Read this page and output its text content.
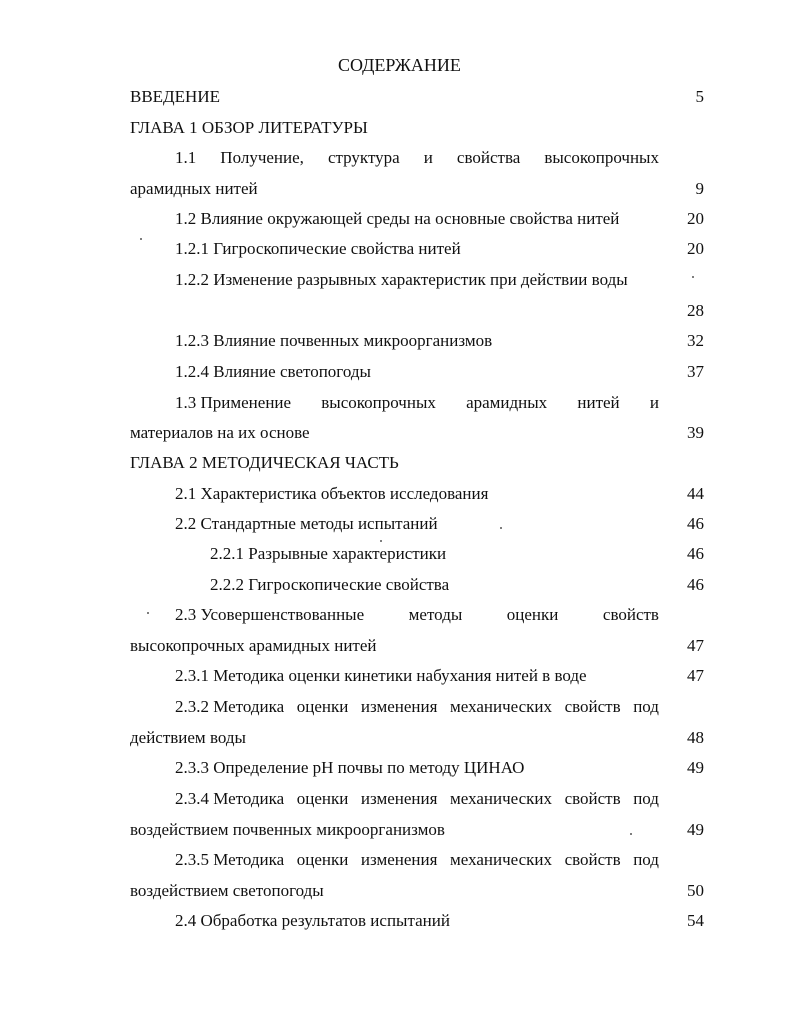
СОДЕРЖАНИЕ
ВВЕДЕНИЕ	5
ГЛАВА 1 ОБЗОР ЛИТЕРАТУРЫ
1.1 Получение, структура и свойства высокопрочных
арамидных нитей	9
1.2 Влияние окружающей среды на основные свойства нитей	20
1.2.1 Гигроскопические свойства нитей	20
1.2.2 Изменение разрывных характеристик при действии воды
28
1.2.3 Влияние почвенных микроорганизмов	32
1.2.4 Влияние светопогоды	37
1.3 Применение высокопрочных арамидных нитей и
материалов на их основе	39
ГЛАВА 2 МЕТОДИЧЕСКАЯ ЧАСТЬ
2.1 Характеристика объектов исследования	44
2.2 Стандартные методы испытаний	46
2.2.1 Разрывные характеристики	46
2.2.2 Гигроскопические свойства	46
2.3 Усовершенствованные	методы	оценки	свойств
высокопрочных арамидных нитей	47
2.3.1 Методика оценки кинетики набухания нитей в воде	47
2.3.2 Методика оценки изменения механических свойств под
действием воды	48
2.3.3 Определение pH почвы по методу ЦИНАО	49
2.3.4 Методика оценки изменения механических свойств под
воздействием почвенных микроорганизмов	49
2.3.5 Методика оценки изменения механических свойств под
воздействием светопогоды	50
2.4 Обработка результатов испытаний	54
